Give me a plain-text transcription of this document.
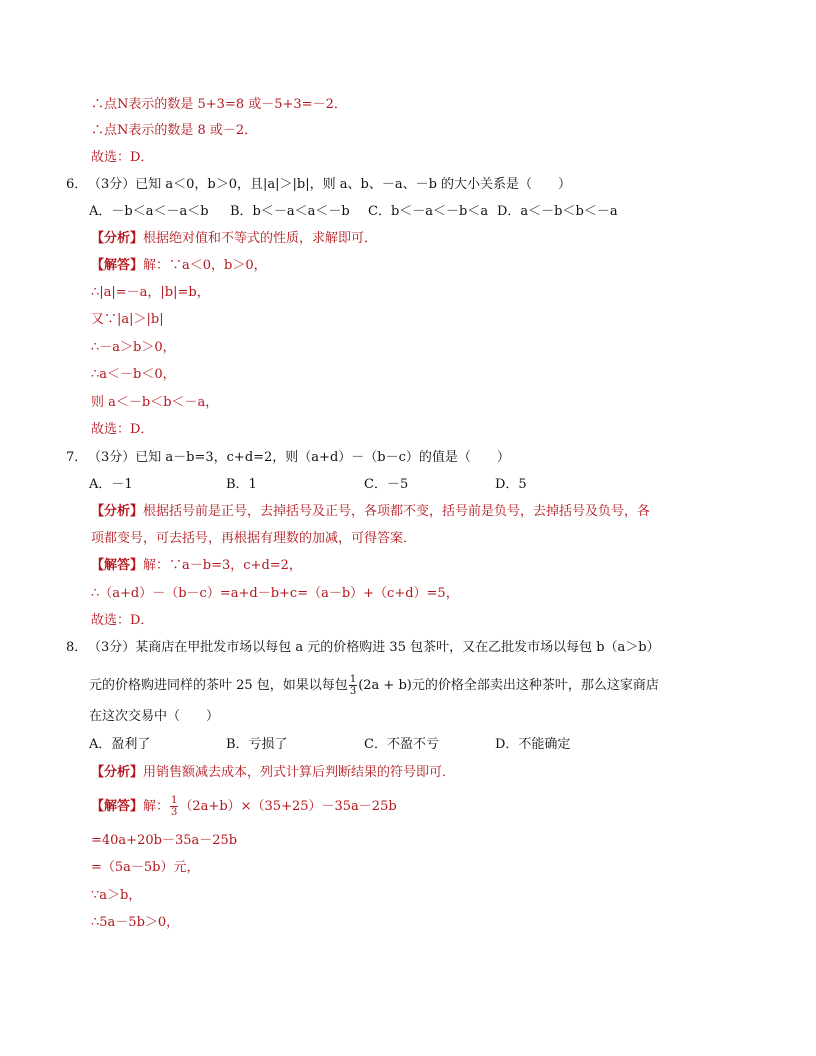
∴点N表示的数是 5+3=8 或－5+3=－2．
∴点N表示的数是 8 或－2．
故选：D．
6．（3分）已知 a＜0，b＞0，且|a|＞|b|，则 a、b、－a、－b 的大小关系是（　　）
A．－b＜a＜－a＜b B．b＜－a＜a＜－b C．b＜－a＜－b＜a D．a＜－b＜b＜－a
【分析】根据绝对值和不等式的性质，求解即可．
【解答】解：∵a＜0，b＞0，
∴|a|=－a，|b|=b，
又∵|a|＞|b|
∴－a＞b＞0，
∴a＜－b＜0，
则 a＜－b＜b＜－a，
故选：D．
7．（3分）已知 a－b=3，c+d=2，则（a+d）－（b－c）的值是（　　）
A．－1	B．1	C．－5	D．5
【分析】根据括号前是正号，去掉括号及正号，各项都不变，括号前是负号，去掉括号及负号，各
项都变号，可去括号，再根据有理数的加减，可得答案．
【解答】解：∵a－b=3，c+d=2，
∴（a+d）－（b－c）=a+d－b+c=（a－b）+（c+d）=5，
故选：D．
8．（3分）某商店在甲批发市场以每包 a 元的价格购进 35 包茶叶，又在乙批发市场以每包 b（a＞b）
元的价格购进同样的茶叶 25 包，如果以每包 $\frac{1}{3} (2a + b)$元的价格全部卖出这种茶叶，那么这家商店
在这次交易中（　　）
A．盈利了	B．亏损了	C．不盈不亏	D．不能确定
【分析】用销售额减去成本，列式计算后判断结果的符号即可．
【解答】解： $\frac{1}{3} (2a+b)\times(35+25)-35a-25b$
=40a+20b－35a－25b
=（5a－5b）元，
∵a＞b，
∴5a－5b＞0，
